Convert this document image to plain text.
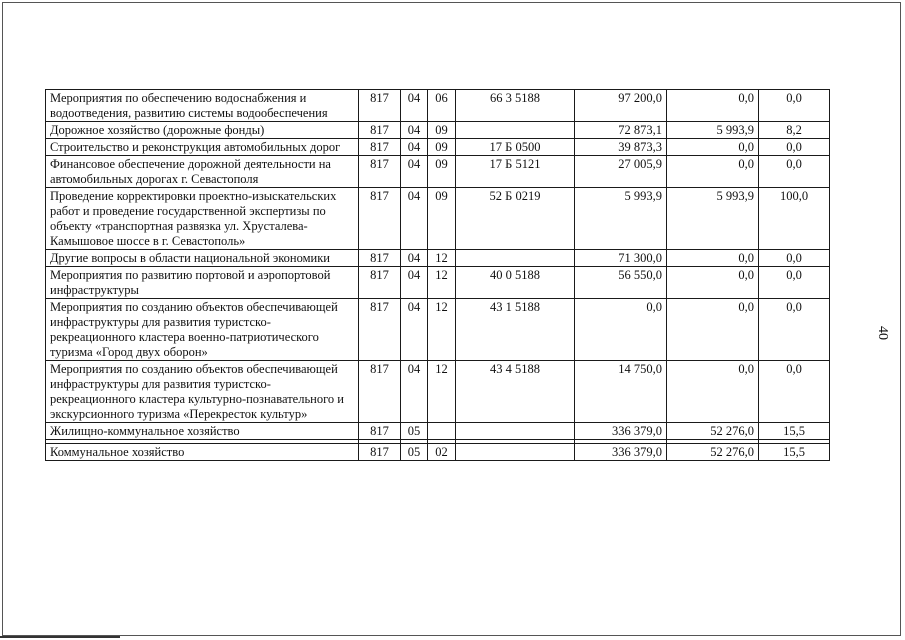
Мероприятия по обеспечению водоснабжения и водоотведения, развитию системы водообеспечения	817	04	06	66 3 5188	97 200,0	0,0	0,0
Дорожное хозяйство (дорожные фонды)	817	04	09		72 873,1	5 993,9	8,2
Строительство и реконструкция автомобильных дорог	817	04	09	17 Б 0500	39 873,3	0,0	0,0
Финансовое обеспечение дорожной деятельности на автомобильных дорогах г. Севастополя	817	04	09	17 Б 5121	27 005,9	0,0	0,0
Проведение корректировки проектно-изыскательских работ и проведение государственной экспертизы по объекту «транспортная развязка ул. Хрусталева-Камышовое шоссе в г. Севастополь»	817	04	09	52 Б 0219	5 993,9	5 993,9	100,0
Другие вопросы в области национальной экономики	817	04	12		71 300,0	0,0	0,0
Мероприятия по развитию портовой и аэропортовой инфраструктуры	817	04	12	40 0 5188	56 550,0	0,0	0,0
Мероприятия по созданию объектов обеспечивающей инфраструктуры для развития туристско-рекреационного кластера военно-патриотического туризма «Город двух оборон»	817	04	12	43 1 5188	0,0	0,0	0,0
Мероприятия по созданию объектов обеспечивающей инфраструктуры для развития туристско-рекреационного кластера культурно-познавательного и экскурсионного туризма «Перекресток культур»	817	04	12	43 4 5188	14 750,0	0,0	0,0
Жилищно-коммунальное хозяйство	817	05			336 379,0	52 276,0	15,5

Коммунальное хозяйство	817	05	02		336 379,0	52 276,0	15,5
40
